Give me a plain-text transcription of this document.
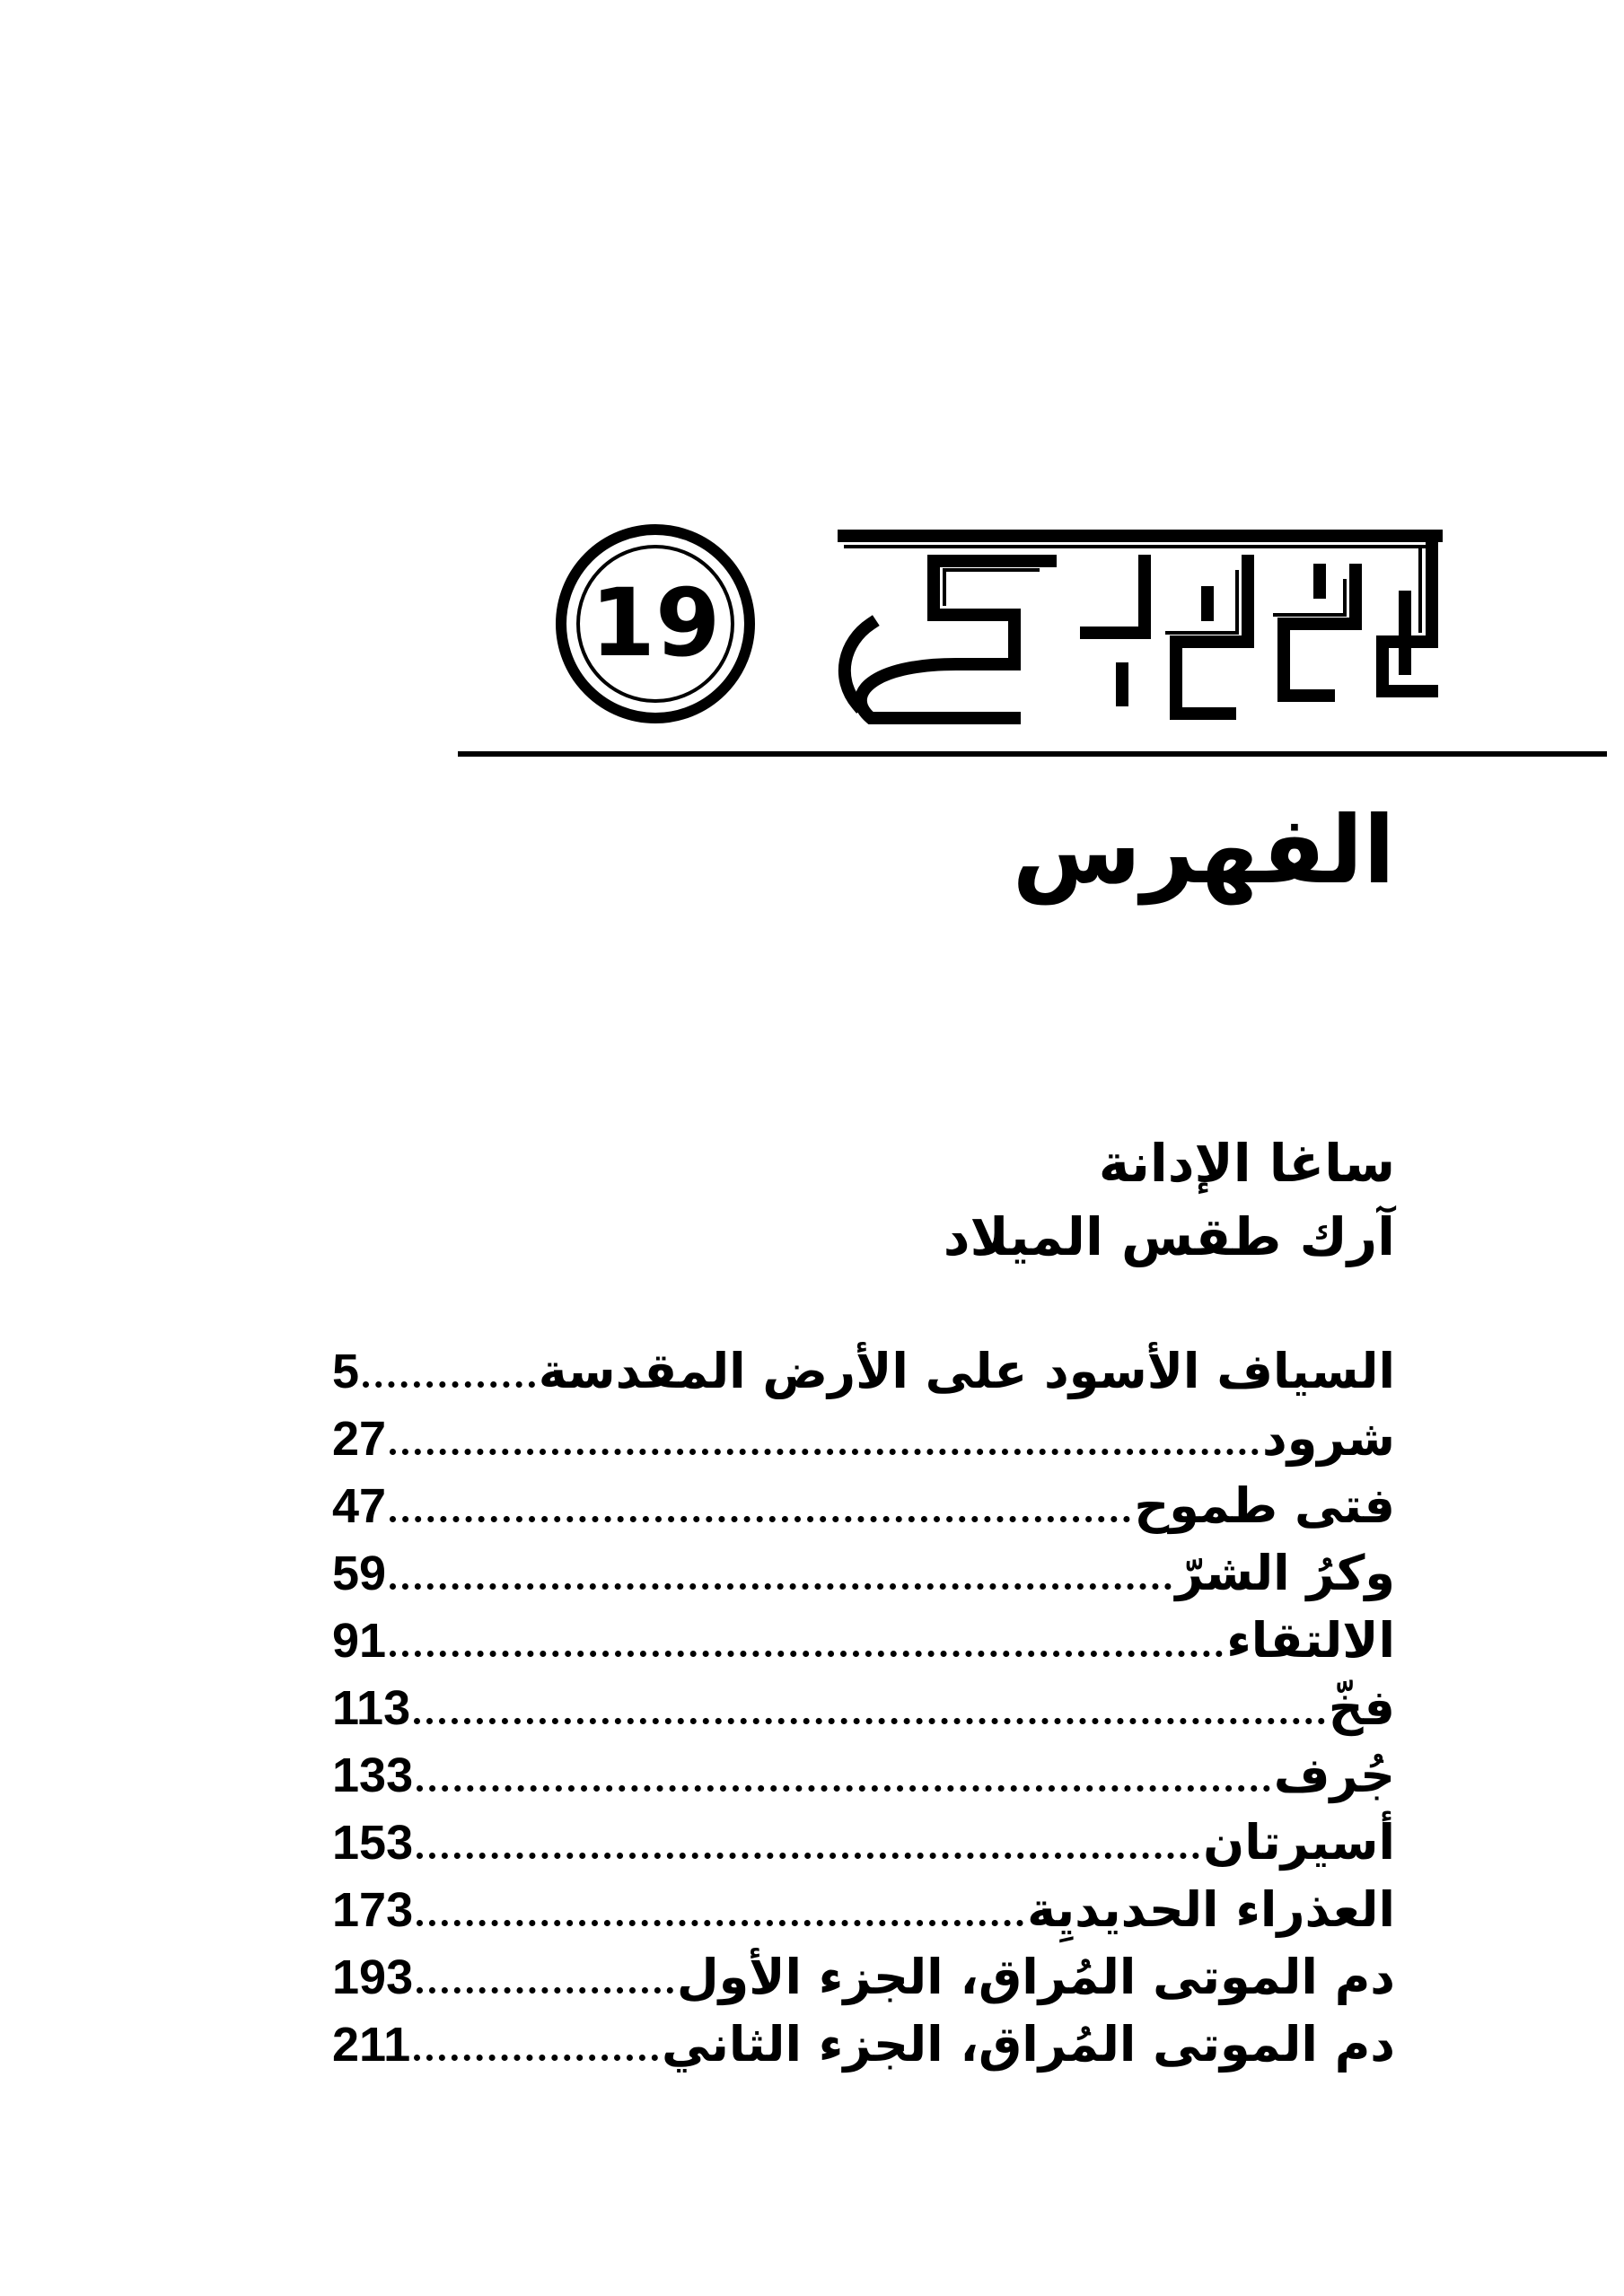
19
الفهرس
ساغا الإدانة
آرك طقس الميلاد
السياف الأسود على الأرض المقدسة
5
شرود
27
فتى طموح
47
وكرُ الشرّ
59
الالتقاء
91
فخّ
113
جُرف
133
أسيرتان
153
العذراء الحديديِة
173
دم الموتى المُراق، الجزء الأول
193
دم الموتى المُراق، الجزء الثاني
211
